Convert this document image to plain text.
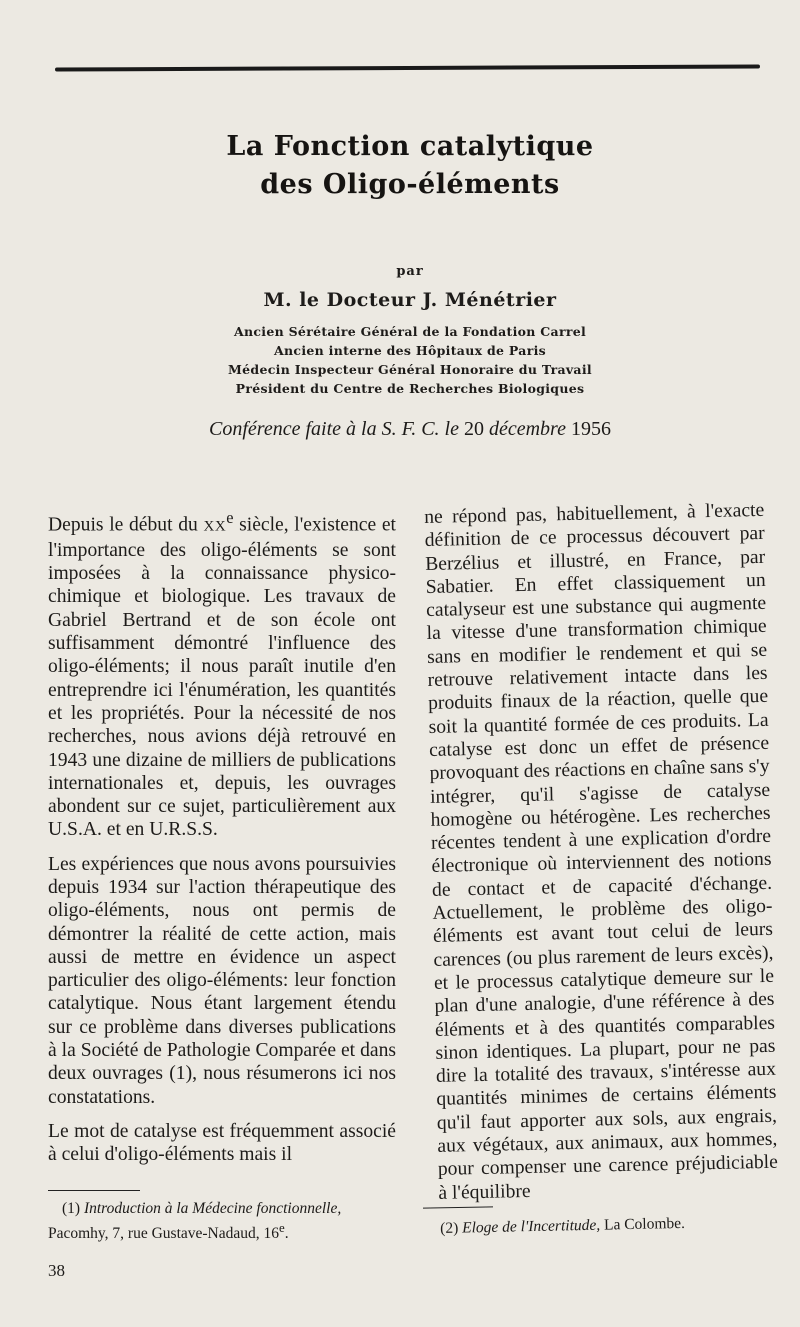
La Fonction catalytique
des Oligo-éléments
par
M. le Docteur J. Ménétrier
Ancien Sérétaire Général de la Fondation Carrel
Ancien interne des Hôpitaux de Paris
Médecin Inspecteur Général Honoraire du Travail
Président du Centre de Recherches Biologiques
Conférence faite à la S. F. C. le 20 décembre 1956

Depuis le début du XXe siècle, l'existence et l'importance des oligo-éléments se sont imposées à la connaissance physico-chimique et biologique. Les travaux de Gabriel Bertrand et de son école ont suffisamment démontré l'influence des oligo-éléments; il nous paraît inutile d'en entreprendre ici l'énumération, les quantités et les propriétés. Pour la nécessité de nos recherches, nous avions déjà retrouvé en 1943 une dizaine de milliers de publications internationales et, depuis, les ouvrages abondent sur ce sujet, particulièrement aux U.S.A. et en U.R.S.S.

Les expériences que nous avons poursuivies depuis 1934 sur l'action thérapeutique des oligo-éléments, nous ont permis de démontrer la réalité de cette action, mais aussi de mettre en évidence un aspect particulier des oligo-éléments: leur fonction catalytique. Nous étant largement étendu sur ce problème dans diverses publications à la Société de Pathologie Comparée et dans deux ouvrages (1), nous résumerons ici nos constatations.

Le mot de catalyse est fréquemment associé à celui d'oligo-éléments mais il

ne répond pas, habituellement, à l'exacte définition de ce processus découvert par Berzélius et illustré, en France, par Sabatier. En effet classiquement un catalyseur est une substance qui augmente la vitesse d'une transformation chimique sans en modifier le rendement et qui se retrouve relativement intacte dans les produits finaux de la réaction, quelle que soit la quantité formée de ces produits. La catalyse est donc un effet de présence provoquant des réactions en chaîne sans s'y intégrer, qu'il s'agisse de catalyse homogène ou hétérogène. Les recherches récentes tendent à une explication d'ordre électronique où interviennent des notions de contact et de capacité d'échange. Actuellement, le problème des oligo-éléments est avant tout celui de leurs carences (ou plus rarement de leurs excès), et le processus catalytique demeure sur le plan d'une analogie, d'une référence à des éléments et à des quantités comparables sinon identiques. La plupart, pour ne pas dire la totalité des travaux, s'intéresse aux quantités minimes de certains éléments qu'il faut apporter aux sols, aux engrais, aux végétaux, aux animaux, aux hommes, pour compenser une carence préjudiciable à l'équilibre

(1) Introduction à la Médecine fonctionnelle, Pacomhy, 7, rue Gustave-Nadaud, 16e.	(2) Eloge de l'Incertitude, La Colombe.
38
